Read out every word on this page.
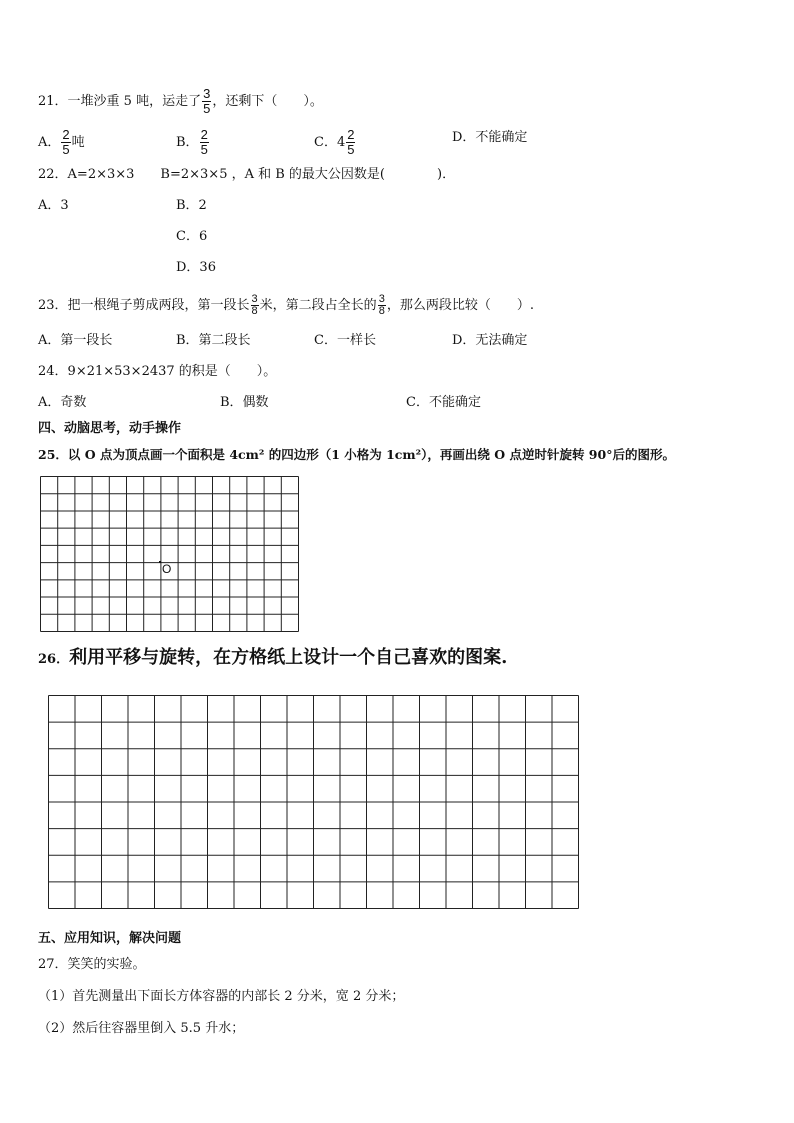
21．一堆沙重 5 吨，运走了 $\frac{3}{5}$ ，还剩下（　　）。
A． $\frac{2}{5}$ 吨	B． $\frac{2}{5}$	C．$4 \frac{2}{5}$	D．不能确定
22．A=2×3×3　　B=2×3×5 ，A 和 B 的最大公因数是(　　　　)．
A．3	B．2
C．6
D．36
23．把一根绳子剪成两段，第一段长 $\frac{3}{8}$ 米，第二段占全长的 $\frac{3}{8}$ ，那么两段比较（　　）.
A．第一段长	B．第二段长	C．一样长	D．无法确定
24．9×21×53×2437 的积是（　　）。
A．奇数	B．偶数	C．不能确定
四、动脑思考，动手操作
25．以 O 点为顶点画一个面积是 4cm² 的四边形（1 小格为 1cm²），再画出绕 O 点逆时针旋转 90°后的图形。
O
26．利用平移与旋转，在方格纸上设计一个自己喜欢的图案.
五、应用知识，解决问题
27．笑笑的实验。
（1）首先测量出下面长方体容器的内部长 2 分米，宽 2 分米；
（2）然后往容器里倒入 5.5 升水；
